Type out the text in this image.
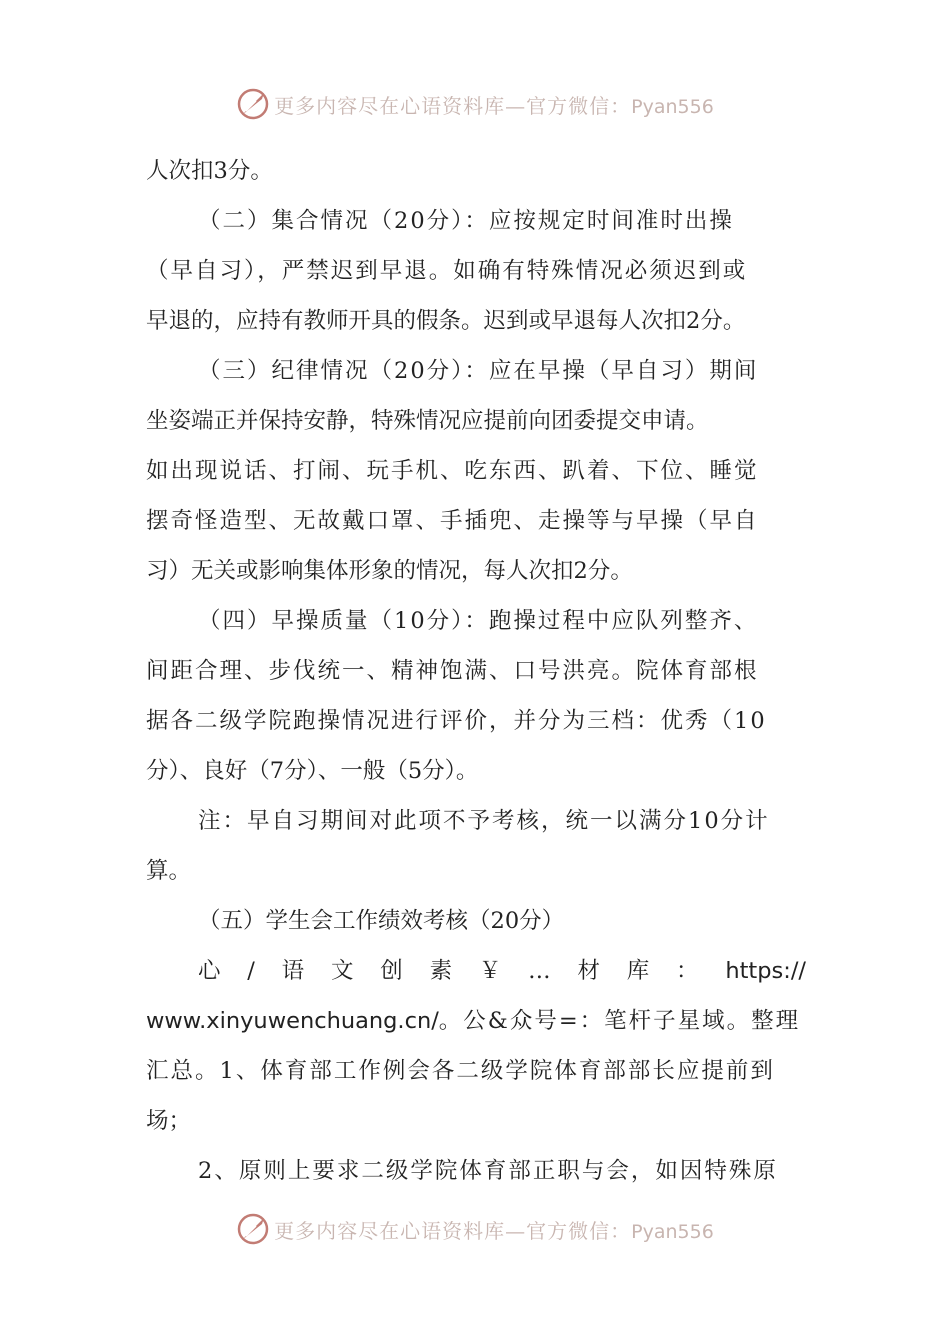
更多内容尽在心语资料库—官方微信：Pyan556
人次扣3分。
（二）集合情况（20分）：应按规定时间准时出操
（早自习），严禁迟到早退。如确有特殊情况必须迟到或
早退的，应持有教师开具的假条。迟到或早退每人次扣2分。
（三）纪律情况（20分）：应在早操（早自习）期间
坐姿端正并保持安静，特殊情况应提前向团委提交申请。
如出现说话、打闹、玩手机、吃东西、趴着、下位、睡觉
摆奇怪造型、无故戴口罩、手插兜、走操等与早操（早自
习）无关或影响集体形象的情况，每人次扣2分。
（四）早操质量（10分）：跑操过程中应队列整齐、
间距合理、步伐统一、精神饱满、口号洪亮。院体育部根
据各二级学院跑操情况进行评价，并分为三档：优秀（10
分）、良好（7分）、一般（5分）。
注：早自习期间对此项不予考核，统一以满分10分计
算。
（五）学生会工作绩效考核（20分）
心 / 语 文 创 素 ￥ … 材 库 ： https://
www.xinyuwenchuang.cn/。公&众号=：笔杆子星域。整理
汇总。1、体育部工作例会各二级学院体育部部长应提前到
场；
2、原则上要求二级学院体育部正职与会，如因特殊原
更多内容尽在心语资料库—官方微信：Pyan556
